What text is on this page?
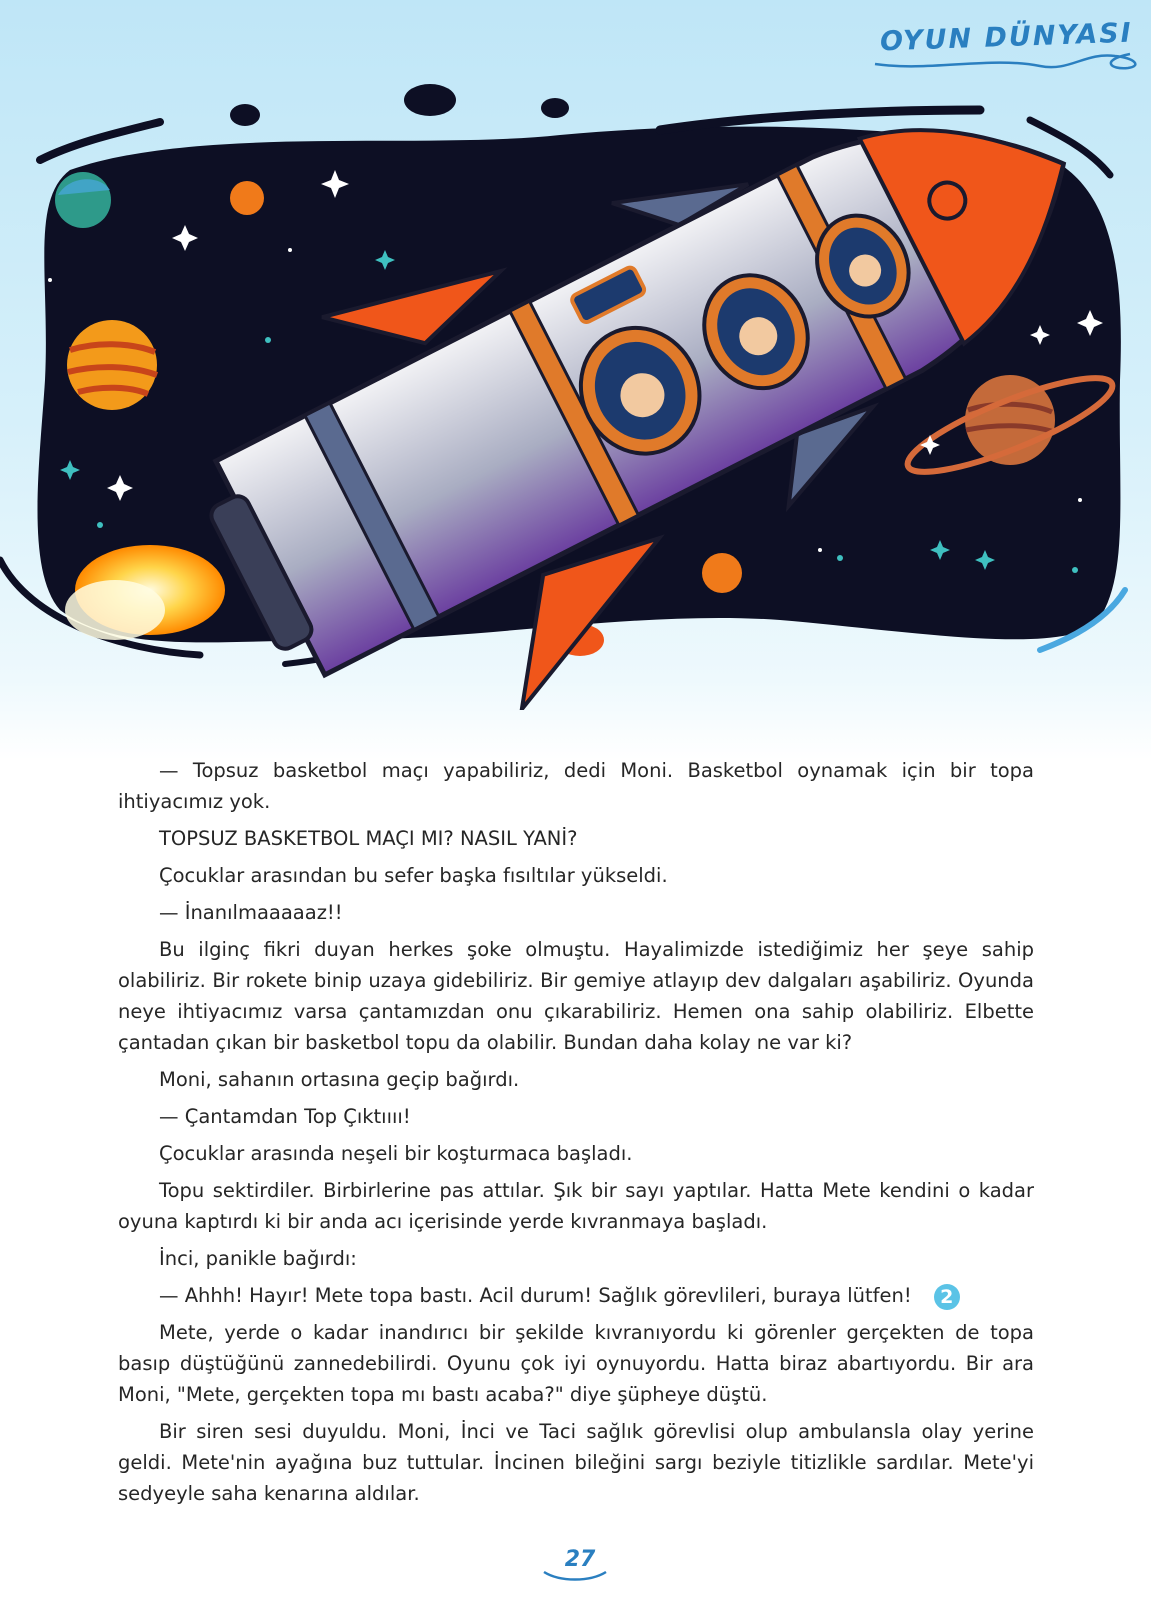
OYUN DÜNYASI

— Topsuz basketbol maçı yapabiliriz, dedi Moni. Basketbol oynamak için bir topa ihtiyacımız yok.

TOPSUZ BASKETBOL MAÇI MI? NASIL YANİ?

Çocuklar arasından bu sefer başka fısıltılar yükseldi.

— İnanılmaaaaaz!!

Bu ilginç fikri duyan herkes şoke olmuştu. Hayalimizde istediğimiz her şeye sahip olabiliriz. Bir rokete binip uzaya gidebiliriz. Bir gemiye atlayıp dev dalgaları aşabiliriz. Oyunda neye ihtiyacımız varsa çantamızdan onu çıkarabiliriz. Hemen ona sahip olabiliriz. Elbette çantadan çıkan bir basketbol topu da olabilir. Bundan daha kolay ne var ki?

Moni, sahanın ortasına geçip bağırdı.

— Çantamdan Top Çıktıııı!

Çocuklar arasında neşeli bir koşturmaca başladı.

Topu sektirdiler. Birbirlerine pas attılar. Şık bir sayı yaptılar. Hatta Mete kendini o kadar oyuna kaptırdı ki bir anda acı içerisinde yerde kıvranmaya başladı.

İnci, panikle bağırdı:

— Ahhh! Hayır! Mete topa bastı. Acil durum! Sağlık görevlileri, buraya lütfen! 2

Mete, yerde o kadar inandırıcı bir şekilde kıvranıyordu ki görenler gerçekten de topa basıp düştüğünü zannedebilirdi. Oyunu çok iyi oynuyordu. Hatta biraz abartıyordu. Bir ara Moni, "Mete, gerçekten topa mı bastı acaba?" diye şüpheye düştü.

Bir siren sesi duyuldu. Moni, İnci ve Taci sağlık görevlisi olup ambulansla olay yerine geldi. Mete'nin ayağına buz tuttular. İncinen bileğini sargı beziyle titizlikle sardılar. Mete'yi sedyeyle saha kenarına aldılar.

27
